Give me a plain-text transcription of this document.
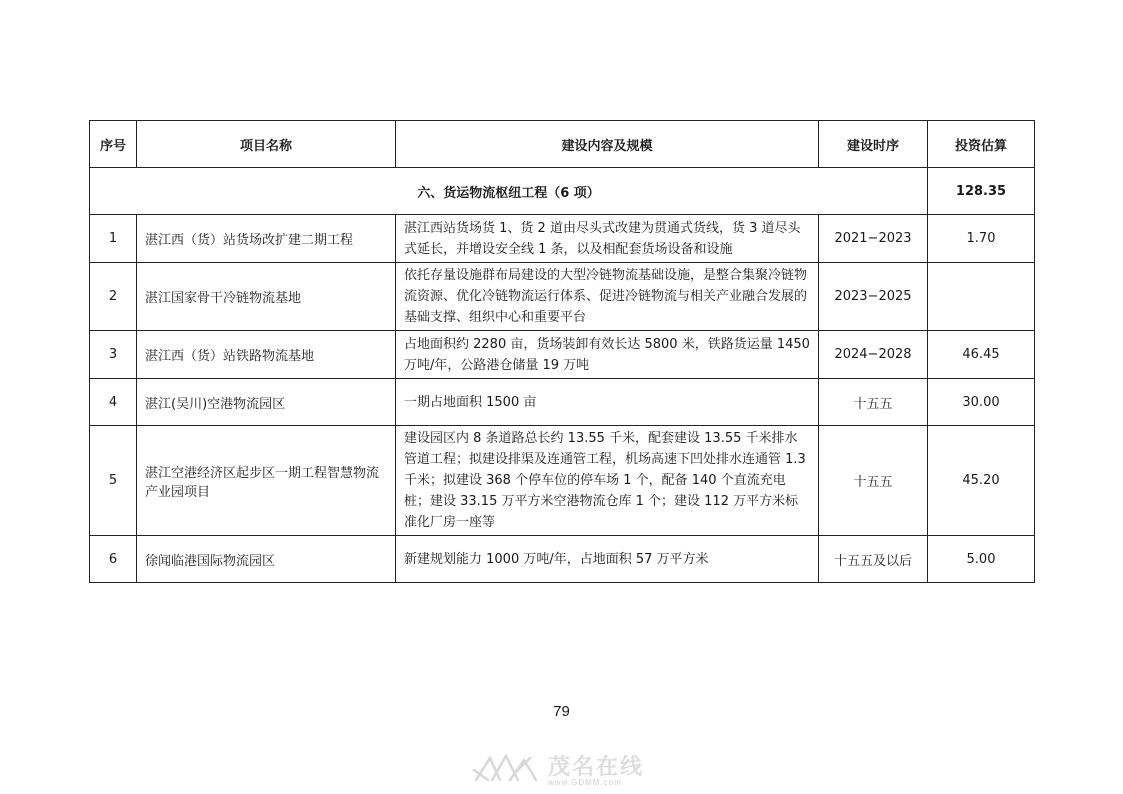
序号	项目名称	建设内容及规模	建设时序	投资估算
六、货运物流枢纽工程（6 项）				128.35
1	湛江西（货）站货场改扩建二期工程	湛江西站货场货 1、货 2 道由尽头式改建为贯通式货线，货 3 道尽头式延长，并增设安全线 1 条，以及相配套货场设备和设施	2021−2023	1.70
2	湛江国家骨干冷链物流基地	依托存量设施群布局建设的大型冷链物流基础设施，是整合集聚冷链物流资源、优化冷链物流运行体系、促进冷链物流与相关产业融合发展的基础支撑、组织中心和重要平台	2023−2025	
3	湛江西（货）站铁路物流基地	占地面积约 2280 亩，货场装卸有效长达 5800 米，铁路货运量 1450 万吨/年，公路港仓储量 19 万吨	2024−2028	46.45
4	湛江(吴川)空港物流园区	一期占地面积 1500 亩	十五五	30.00
5	湛江空港经济区起步区一期工程智慧物流产业园项目	建设园区内 8 条道路总长约 13.55 千米，配套建设 13.55 千米排水管道工程；拟建设排渠及连通管工程，机场高速下凹处排水连通管 1.3 千米；拟建设 368 个停车位的停车场 1 个，配备 140 个直流充电桩；建设 33.15 万平方米空港物流仓库 1 个；建设 112 万平方米标准化厂房一座等	十五五	45.20
6	徐闻临港国际物流园区	新建规划能力 1000 万吨/年，占地面积 57 万平方米	十五五及以后	5.00
79
茂名在线
www.GDMM.com
